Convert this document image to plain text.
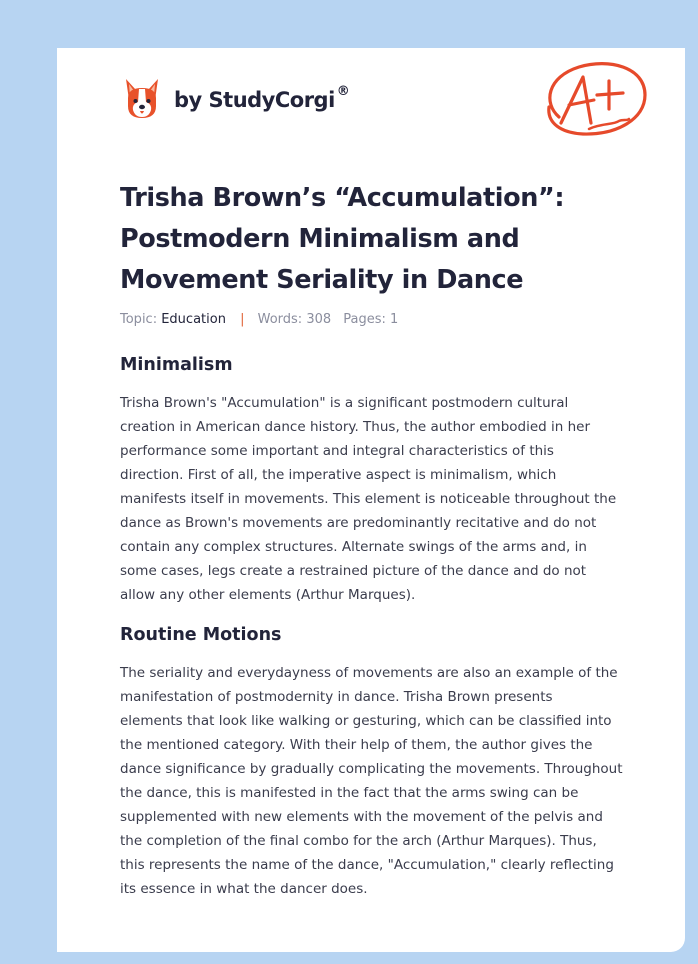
by StudyCorgi ®
Trisha Brown’s “Accumulation”:
Postmodern Minimalism and
Movement Seriality in Dance
Topic: Education | Words: 308 Pages: 1
Minimalism

Trisha Brown's "Accumulation" is a significant postmodern cultural
creation in American dance history. Thus, the author embodied in her
performance some important and integral characteristics of this
direction. First of all, the imperative aspect is minimalism, which
manifests itself in movements. This element is noticeable throughout the
dance as Brown's movements are predominantly recitative and do not
contain any complex structures. Alternate swings of the arms and, in
some cases, legs create a restrained picture of the dance and do not
allow any other elements (Arthur Marques).

Routine Motions

The seriality and everydayness of movements are also an example of the
manifestation of postmodernity in dance. Trisha Brown presents
elements that look like walking or gesturing, which can be classified into
the mentioned category. With their help of them, the author gives the
dance significance by gradually complicating the movements. Throughout
the dance, this is manifested in the fact that the arms swing can be
supplemented with new elements with the movement of the pelvis and
the completion of the final combo for the arch (Arthur Marques). Thus,
this represents the name of the dance, "Accumulation," clearly reflecting
its essence in what the dancer does.
